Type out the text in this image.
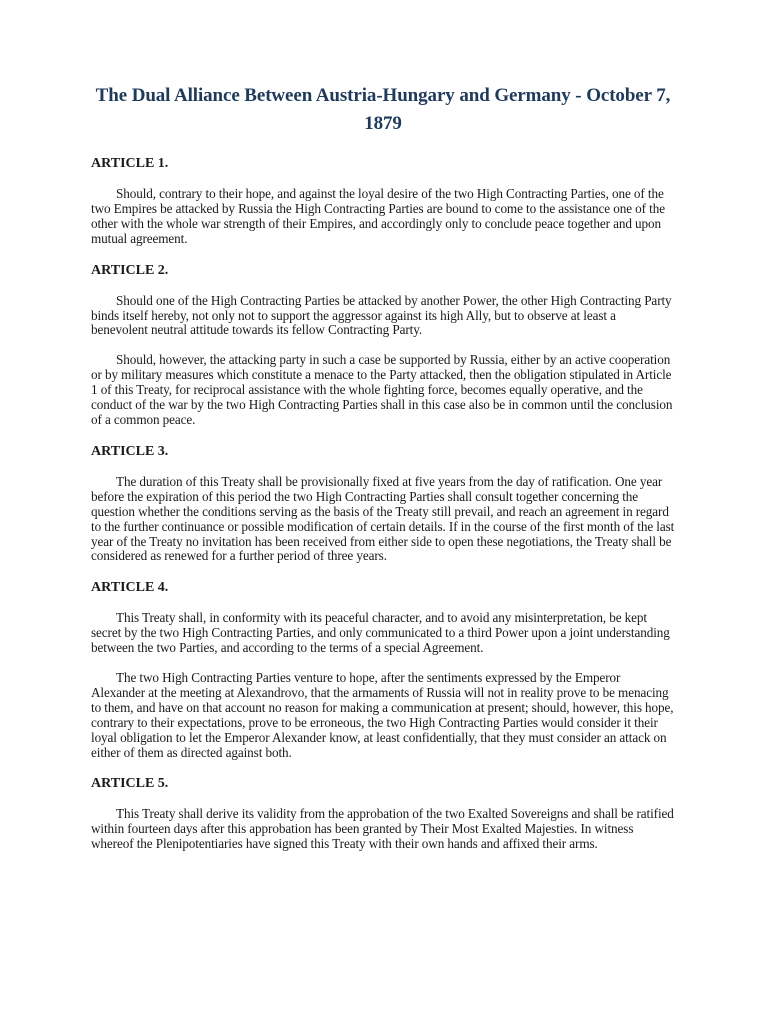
The Dual Alliance Between Austria-Hungary and Germany - October 7, 1879
ARTICLE 1.

Should, contrary to their hope, and against the loyal desire of the two High Contracting Parties, one of the two Empires be attacked by Russia the High Contracting Parties are bound to come to the assistance one of the other with the whole war strength of their Empires, and accordingly only to conclude peace together and upon mutual agreement.

ARTICLE 2.

Should one of the High Contracting Parties be attacked by another Power, the other High Contracting Party binds itself hereby, not only not to support the aggressor against its high Ally, but to observe at least a benevolent neutral attitude towards its fellow Contracting Party.

Should, however, the attacking party in such a case be supported by Russia, either by an active cooperation or by military measures which constitute a menace to the Party attacked, then the obligation stipulated in Article 1 of this Treaty, for reciprocal assistance with the whole fighting force, becomes equally operative, and the conduct of the war by the two High Contracting Parties shall in this case also be in common until the conclusion of a common peace.

ARTICLE 3.

The duration of this Treaty shall be provisionally fixed at five years from the day of ratification. One year before the expiration of this period the two High Contracting Parties shall consult together concerning the question whether the conditions serving as the basis of the Treaty still prevail, and reach an agreement in regard to the further continuance or possible modification of certain details. If in the course of the first month of the last year of the Treaty no invitation has been received from either side to open these negotiations, the Treaty shall be considered as renewed for a further period of three years.

ARTICLE 4.

This Treaty shall, in conformity with its peaceful character, and to avoid any misinterpretation, be kept secret by the two High Contracting Parties, and only communicated to a third Power upon a joint understanding between the two Parties, and according to the terms of a special Agreement.

The two High Contracting Parties venture to hope, after the sentiments expressed by the Emperor Alexander at the meeting at Alexandrovo, that the armaments of Russia will not in reality prove to be menacing to them, and have on that account no reason for making a communication at present; should, however, this hope, contrary to their expectations, prove to be erroneous, the two High Contracting Parties would consider it their loyal obligation to let the Emperor Alexander know, at least confidentially, that they must consider an attack on either of them as directed against both.

ARTICLE 5.

This Treaty shall derive its validity from the approbation of the two Exalted Sovereigns and shall be ratified within fourteen days after this approbation has been granted by Their Most Exalted Majesties. In witness whereof the Plenipotentiaries have signed this Treaty with their own hands and affixed their arms.
